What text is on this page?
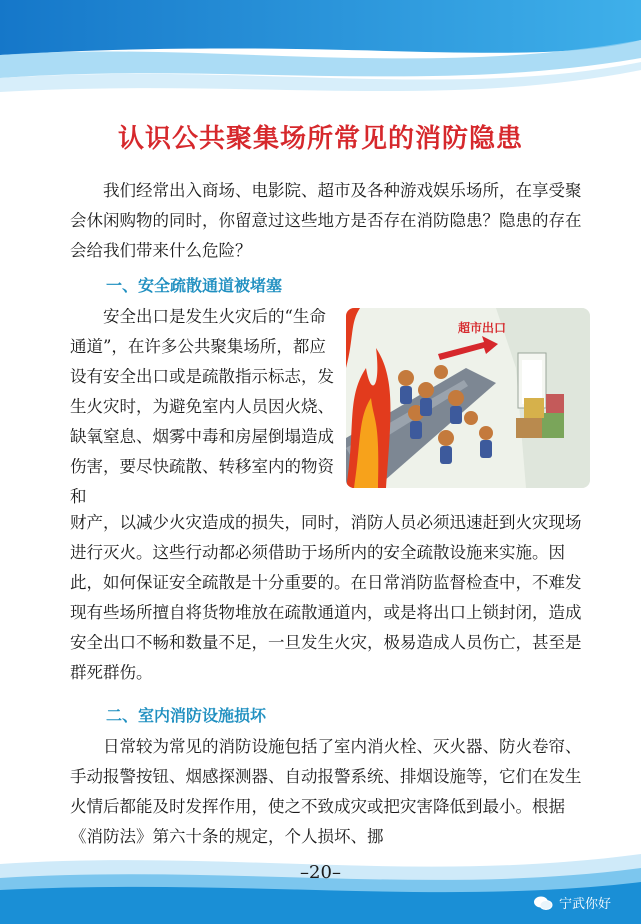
认识公共聚集场所常见的消防隐患

我们经常出入商场、电影院、超市及各种游戏娱乐场所，在享受聚会休闲购物的同时，你留意过这些地方是否存在消防隐患？隐患的存在会给我们带来什么危险？

一、安全疏散通道被堵塞

安全出口是发生火灾后的“生命通道”，在许多公共聚集场所，都应设有安全出口或是疏散指示标志，发生火灾时，为避免室内人员因火烧、缺氧窒息、烟雾中毒和房屋倒塌造成伤害，要尽快疏散、转移室内的物资和

超市出口

财产，以减少火灾造成的损失，同时，消防人员必须迅速赶到火灾现场进行灭火。这些行动都必须借助于场所内的安全疏散设施来实施。因此，如何保证安全疏散是十分重要的。在日常消防监督检查中，不难发现有些场所擅自将货物堆放在疏散通道内，或是将出口上锁封闭，造成安全出口不畅和数量不足，一旦发生火灾，极易造成人员伤亡，甚至是群死群伤。

二、室内消防设施损坏

日常较为常见的消防设施包括了室内消火栓、灭火器、防火卷帘、手动报警按钮、烟感探测器、自动报警系统、排烟设施等，它们在发生火情后都能及时发挥作用，使之不致成灾或把灾害降低到最小。根据《消防法》第六十条的规定，个人损坏、挪

–20–
宁武你好
